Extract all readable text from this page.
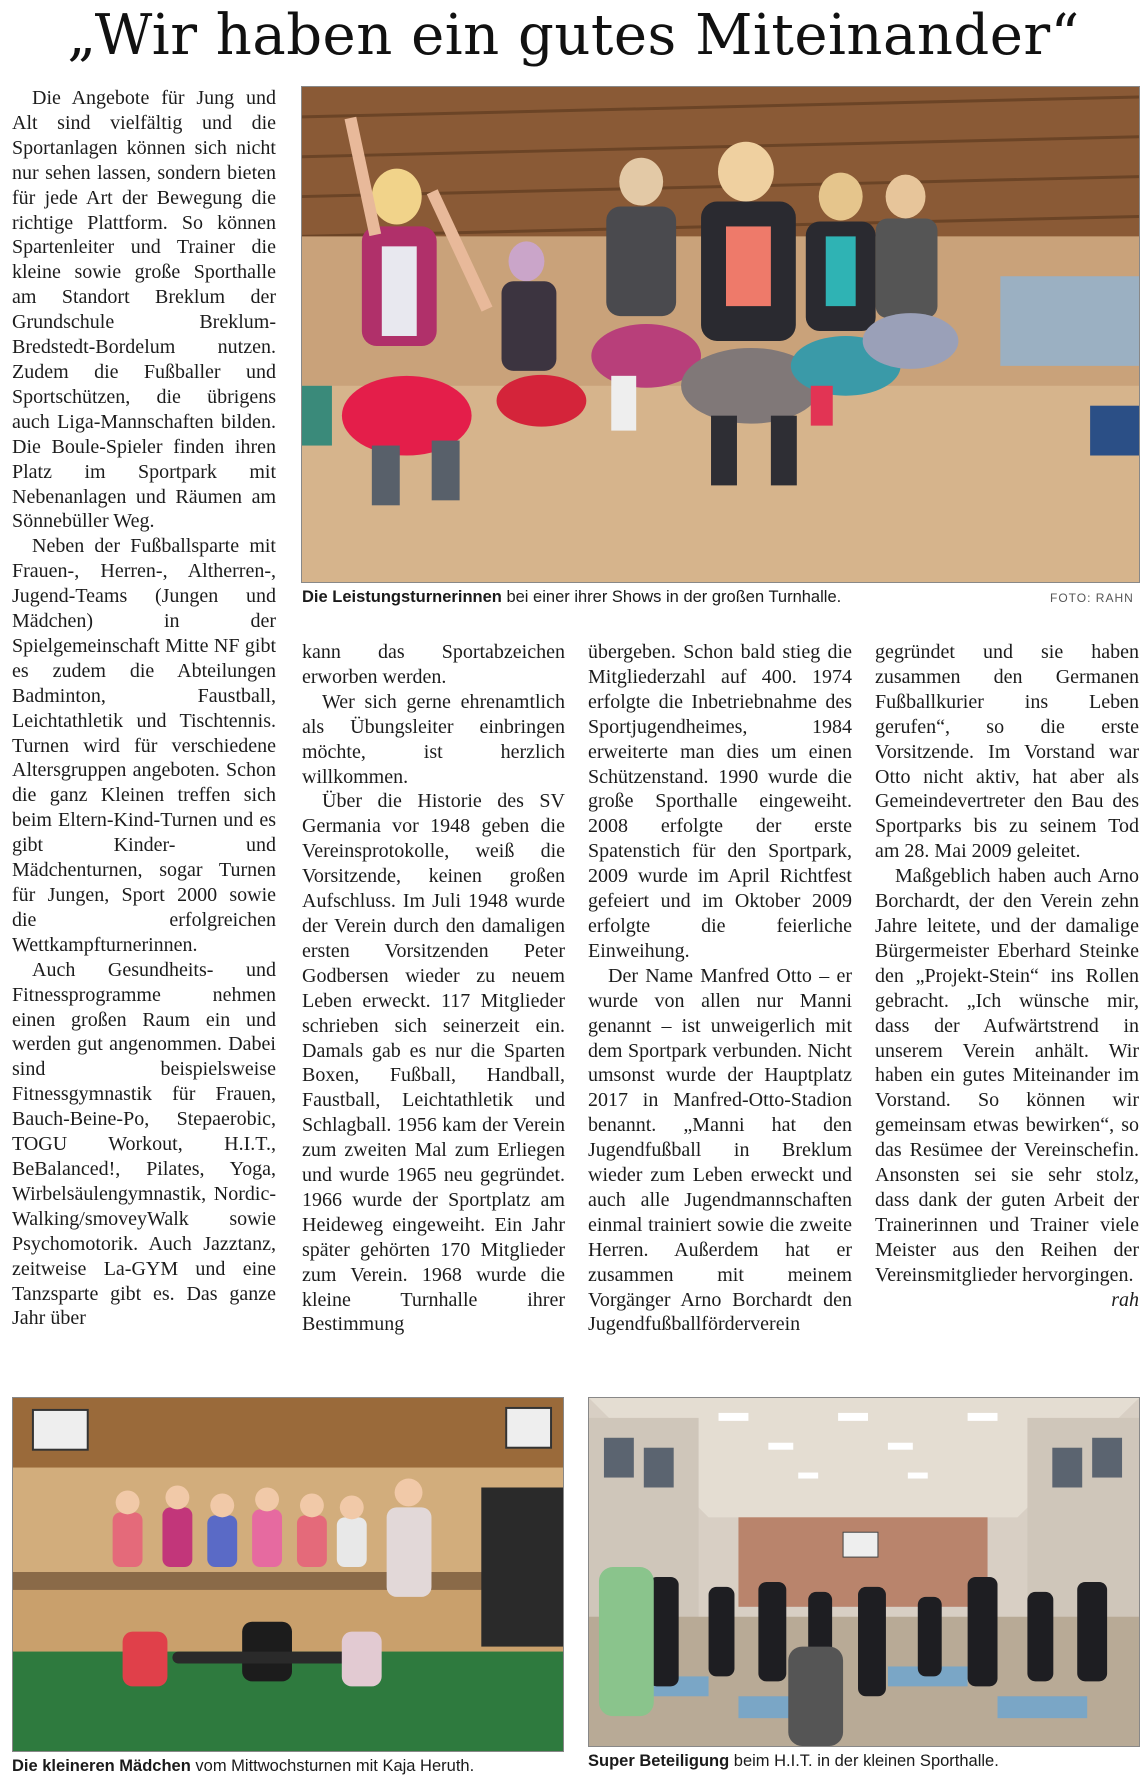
„Wir haben ein gutes Miteinander“
Die Leistungsturnerinnen bei einer ihrer Shows in der großen Turnhalle.	FOTO: RAHN

Die Angebote für Jung und Alt sind vielfältig und die Sportanlagen können sich nicht nur sehen lassen, sondern bieten für jede Art der Bewegung die richtige Plattform. So können Spartenleiter und Trainer die kleine sowie große Sporthalle am Standort Breklum der Grundschule Breklum-Bredstedt-Bordelum nutzen. Zudem die Fußballer und Sportschützen, die übrigens auch Liga-Mannschaften bilden. Die Boule-Spieler finden ihren Platz im Sportpark mit Nebenanlagen und Räumen am Sönnebüller Weg.

Neben der Fußballsparte mit Frauen-, Herren-, Altherren-, Jugend-Teams (Jungen und Mädchen) in der Spielgemeinschaft Mitte NF gibt es zudem die Abteilungen Badminton, Faustball, Leichtathletik und Tischtennis. Turnen wird für verschiedene Altersgruppen angeboten. Schon die ganz Kleinen treffen sich beim Eltern-Kind-Turnen und es gibt Kinder- und Mädchenturnen, sogar Turnen für Jungen, Sport 2000 sowie die erfolgreichen Wettkampfturnerinnen.

Auch Gesundheits- und Fitnessprogramme nehmen einen großen Raum ein und werden gut angenommen. Dabei sind beispielsweise Fitnessgymnastik für Frauen, Bauch-Beine-Po, Stepaerobic, TOGU Workout, H.I.T., BeBalanced!, Pilates, Yoga, Wirbelsäulengymnastik, Nordic-Walking/smoveyWalk sowie Psychomotorik. Auch Jazztanz, zeitweise La-GYM und eine Tanzsparte gibt es. Das ganze Jahr über

kann das Sportabzeichen erworben werden.

Wer sich gerne ehrenamtlich als Übungsleiter einbringen möchte, ist herzlich willkommen.

Über die Historie des SV Germania vor 1948 geben die Vereinsprotokolle, weiß die Vorsitzende, keinen großen Aufschluss. Im Juli 1948 wurde der Verein durch den damaligen ersten Vorsitzenden Peter Godbersen wieder zu neuem Leben erweckt. 117 Mitglieder schrieben sich seinerzeit ein. Damals gab es nur die Sparten Boxen, Fußball, Handball, Faustball, Leichtathletik und Schlagball. 1956 kam der Verein zum zweiten Mal zum Erliegen und wurde 1965 neu gegründet. 1966 wurde der Sportplatz am Heideweg eingeweiht. Ein Jahr später gehörten 170 Mitglieder zum Verein. 1968 wurde die kleine Turnhalle ihrer Bestimmung

übergeben. Schon bald stieg die Mitgliederzahl auf 400. 1974 erfolgte die Inbetriebnahme des Sportjugendheimes, 1984 erweiterte man dies um einen Schützenstand. 1990 wurde die große Sporthalle eingeweiht. 2008 erfolgte der erste Spatenstich für den Sportpark, 2009 wurde im April Richtfest gefeiert und im Oktober 2009 erfolgte die feierliche Einweihung.

Der Name Manfred Otto – er wurde von allen nur Manni genannt – ist unweigerlich mit dem Sportpark verbunden. Nicht umsonst wurde der Hauptplatz 2017 in Manfred-Otto-Stadion benannt. „Manni hat den Jugendfußball in Breklum wieder zum Leben erweckt und auch alle Jugendmannschaften einmal trainiert sowie die zweite Herren. Außerdem hat er zusammen mit meinem Vorgänger Arno Borchardt den Jugendfußballförderverein

gegründet und sie haben zusammen den Germanen Fußballkurier ins Leben gerufen“, so die erste Vorsitzende. Im Vorstand war Otto nicht aktiv, hat aber als Gemeindevertreter den Bau des Sportparks bis zu seinem Tod am 28. Mai 2009 geleitet.

Maßgeblich haben auch Arno Borchardt, der den Verein zehn Jahre leitete, und der damalige Bürgermeister Eberhard Steinke den „Projekt-Stein“ ins Rollen gebracht. „Ich wünsche mir, dass der Aufwärtstrend in unserem Verein anhält. Wir haben ein gutes Miteinander im Vorstand. So können wir gemeinsam etwas bewirken“, so das Resümee der Vereinschefin. Ansonsten sei sie sehr stolz, dass dank der guten Arbeit der Trainerinnen und Trainer viele Meister aus den Reihen der Vereinsmitglieder hervorgingen.

rah

Die kleineren Mädchen vom Mittwochsturnen mit Kaja Heruth.	Super Beteiligung beim H.I.T. in der kleinen Sporthalle.
